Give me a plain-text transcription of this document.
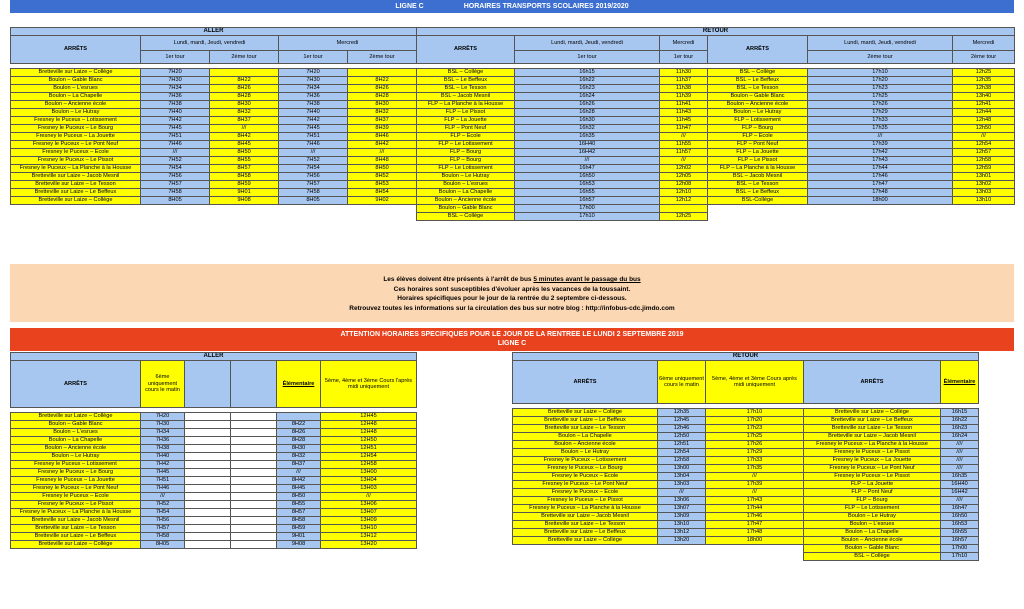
LIGNE C	HORAIRES TRANSPORTS SCOLAIRES 2019/2020
ALLER				
ARRÊTS	Lundi, mardi, Jeudi, vendredi		Mercredi	
	1er tour	2ème tour	1er tour	2ème tour

Bretteville sur Laize – Collège	7H20		7H20	
Boulon – Gable Blanc	7H30	8H22	7H30	8H22
Boulon – L'esrues	7H34	8H26	7H34	8H26
Boulon – La Chapelle	7H36	8H28	7H36	8H28
Boulon – Ancienne école	7H38	8H30	7H38	8H30
Boulon – Le Hutray	7H40	8H32	7H40	8H32
Fresney le Puceux – Lotissement	7H42	8H37	7H42	8H37
Fresney le Puceux – Le Bourg	7H45	///	7H45	8H39
Fresney le Puceux – La Jouette	7H51	8H42	7H51	8H46
Fresney le Puceux – Le Pont Neuf	7H46	8H45	7H46	8H42
Fresney le Puceux – École	///	8H50	///	///
Fresney le Puceux – Le Pissot	7H52	8H55	7H52	8H48
Fresney le Puceux – La Planche à la Housse	7H54	8H57	7H54	8H50
Bretteville sur Laize – Jacob Mesnil	7H56	8H58	7H56	8H52
Bretteville sur Laize – Le Tesson	7H57	8H59	7H57	8H53
Bretteville sur Laize – Le Beffeux	7H58	9H01	7H58	8H54
Bretteville sur Laize – Collège	8H05	9H08	8H05	9H02
RETOUR					
ARRÊTS	Lundi, mardi, Jeudi, vendredi	Mercredi	ARRÊTS	Lundi, mardi, Jeudi, vendredi	Mercredi
	1er tour	1er tour		2ème tour	2ème tour

BSL – Collège	16h15	11h30	BSL – Collège	17h10	12h25
BSL – Le Beffeux	16h22	11h37	BSL – Le Beffeux	17h20	12h35
BSL – Le Tesson	16h23	11h38	BSL – Le Tesson	17h23	12h38
BSL – Jacob Mesnil	16h24	11h39	Boulon – Gable Blanc	17h25	13h40
FLP – La Planche à la Housse	16h26	11h41	Boulon – Ancienne école	17h26	12h41
FLP – Le Pissot	16h28	11h43	Boulon – Le Hutray	17h29	12h44
FLP – La Jouette	16h30	11h45	FLP – Lotissement	17h33	12h48
FLP – Pont Neuf	16h32	11h47	FLP – Bourg	17h35	12h50
FLP – École	16h35	///	FLP – École	///	///
FLP – Le Lotissement	16H40	11h55	FLP – Pont Neuf	17h39	12h54
FLP – Bourg	16H42	11h57	FLP – La Jouette	17h42	12h57
FLP – Bourg	///	///	FLP – Le Pissot	17h43	12h58
FLP – Le Lotissement	16h47	12h02	FLP – La Planche à la Housse	17h44	12h59
Boulon – Le Hutray	16h50	12h05	BSL – Jacob Mesnil	17h46	13h01
Boulon – L'esrues	16h53	12h08	BSL – Le Tesson	17h47	13h02
Boulon – La Chapelle	16h55	12h10	BSL – Le Beffeux	17h48	13h03
Boulon – Ancienne école	16h57	12h12	BSL-Collège	18h00	13h10
Boulon – Gable Blanc	17h00				
BSL – Collège	17h10	12h25			
Les élèves doivent être présents à l'arrêt de bus 5 minutes avant le passage du bus
Ces horaires sont susceptibles d'évoluer après les vacances de la toussaint.
Horaires spécifiques pour le jour de la rentrée du 2 septembre ci-dessous.
Retrouvez toutes les informations sur la circulation des bus sur notre blog : http://infobus-cdc.jimdo.com
ATTENTION HORAIRES SPECIFIQUES POUR LE JOUR DE LA RENTREE LE LUNDI 2 SEPTEMBRE 2019
LIGNE C
ALLER					
ARRÊTS	6ème uniquement cours le matin			Élémentaire	5ème, 4ème et 3ème Cours l'après midi uniquement

Bretteville sur Laize – Collège	7H20				12H45
Boulon – Gable Blanc	7H30			8H22	12H48
Boulon – L'esrues	7H34			8H26	12H48
Boulon – La Chapelle	7H36			8H28	12H50
Boulon – Ancienne école	7H38			8H30	12H51
Boulon – Le Hutray	7H40			8H32	12H54
Fresney le Puceux – Lotissement	7H42			8H37	12H58
Fresney le Puceux – Le Bourg	7H45			///	13H00
Fresney le Puceux – La Jouette	7H51			8H42	13H04
Fresney le Puceux – Le Pont Neuf	7H46			8H45	13H03
Fresney le Puceux – École	///			8H50	///
Fresney le Puceux – Le Pissot	7H52			8H55	13H06
Fresney le Puceux – La Planche à la Housse	7H54			8H57	13H07
Bretteville sur Laize – Jacob Mesnil	7H56			8H58	13H09
Bretteville sur Laize – Le Tesson	7H57			8H59	13H10
Bretteville sur Laize – Le Beffeux	7H58			9H01	13H12
Bretteville sur Laize – Collège	8H05			9H08	13H20
RETOUR				
ARRÊTS	6ème uniquement cours le matin	5ème, 4ème et 3ème Cours après midi uniquement	ARRÊTS	Élémentaire

Bretteville sur Laize – Collège	12h35	17h10	Bretteville sur Laize – Collège	16h15
Bretteville sur Laize – Le Beffeux	12h45	17h20	Bretteville sur Laize – Le Beffeux	16h22
Bretteville sur Laize – Le Tesson	12h46	17h23	Bretteville sur Laize – Le Tesson	16h23
Boulon – La Chapelle	12h50	17h25	Bretteville sur Laize – Jacob Mesnil	16h24
Boulon – Ancienne école	12h51	17h26	Fresney le Puceux – La Planche à la Housse	////
Boulon – Le Hutray	12h54	17h29	Fresney le Puceux – Le Pissot	////
Fresney le Puceux – Lotissement	12h58	17h33	Fresney le Puceux – La Jouette	////
Fresney le Puceux – Le Bourg	13h00	17h35	Fresney le Puceux – Le Pont Neuf	////
Fresney le Puceux – École	13h04	///	Fresney le Puceux – Le Pissot	16h35
Fresney le Puceux – Le Pont Neuf	13h03	17h39	FLP – La Jouette	16H40
Fresney le Puceux – École	///	///	FLP – Pont Neuf	16H42
Fresney le Puceux – Le Pissot	13h06	17h43	FLP – Bourg	////
Fresney le Puceux – La Planche à la Housse	13h07	17h44	FLP – Le Lotissement	16h47
Bretteville sur Laize – Jacob Mesnil	13h09	17h46	Boulon – Le Hutray	16h50
Bretteville sur Laize – Le Tesson	13h10	17h47	Boulon – L'esrues	16h53
Bretteville sur Laize – Le Beffeux	13h12	17h48	Boulon – La Chapelle	16h55
Bretteville sur Laize – Collège	13h20	18h00	Boulon – Ancienne école	16h57
			Boulon – Gable Blanc	17h00
			BSL – Collège	17h10
